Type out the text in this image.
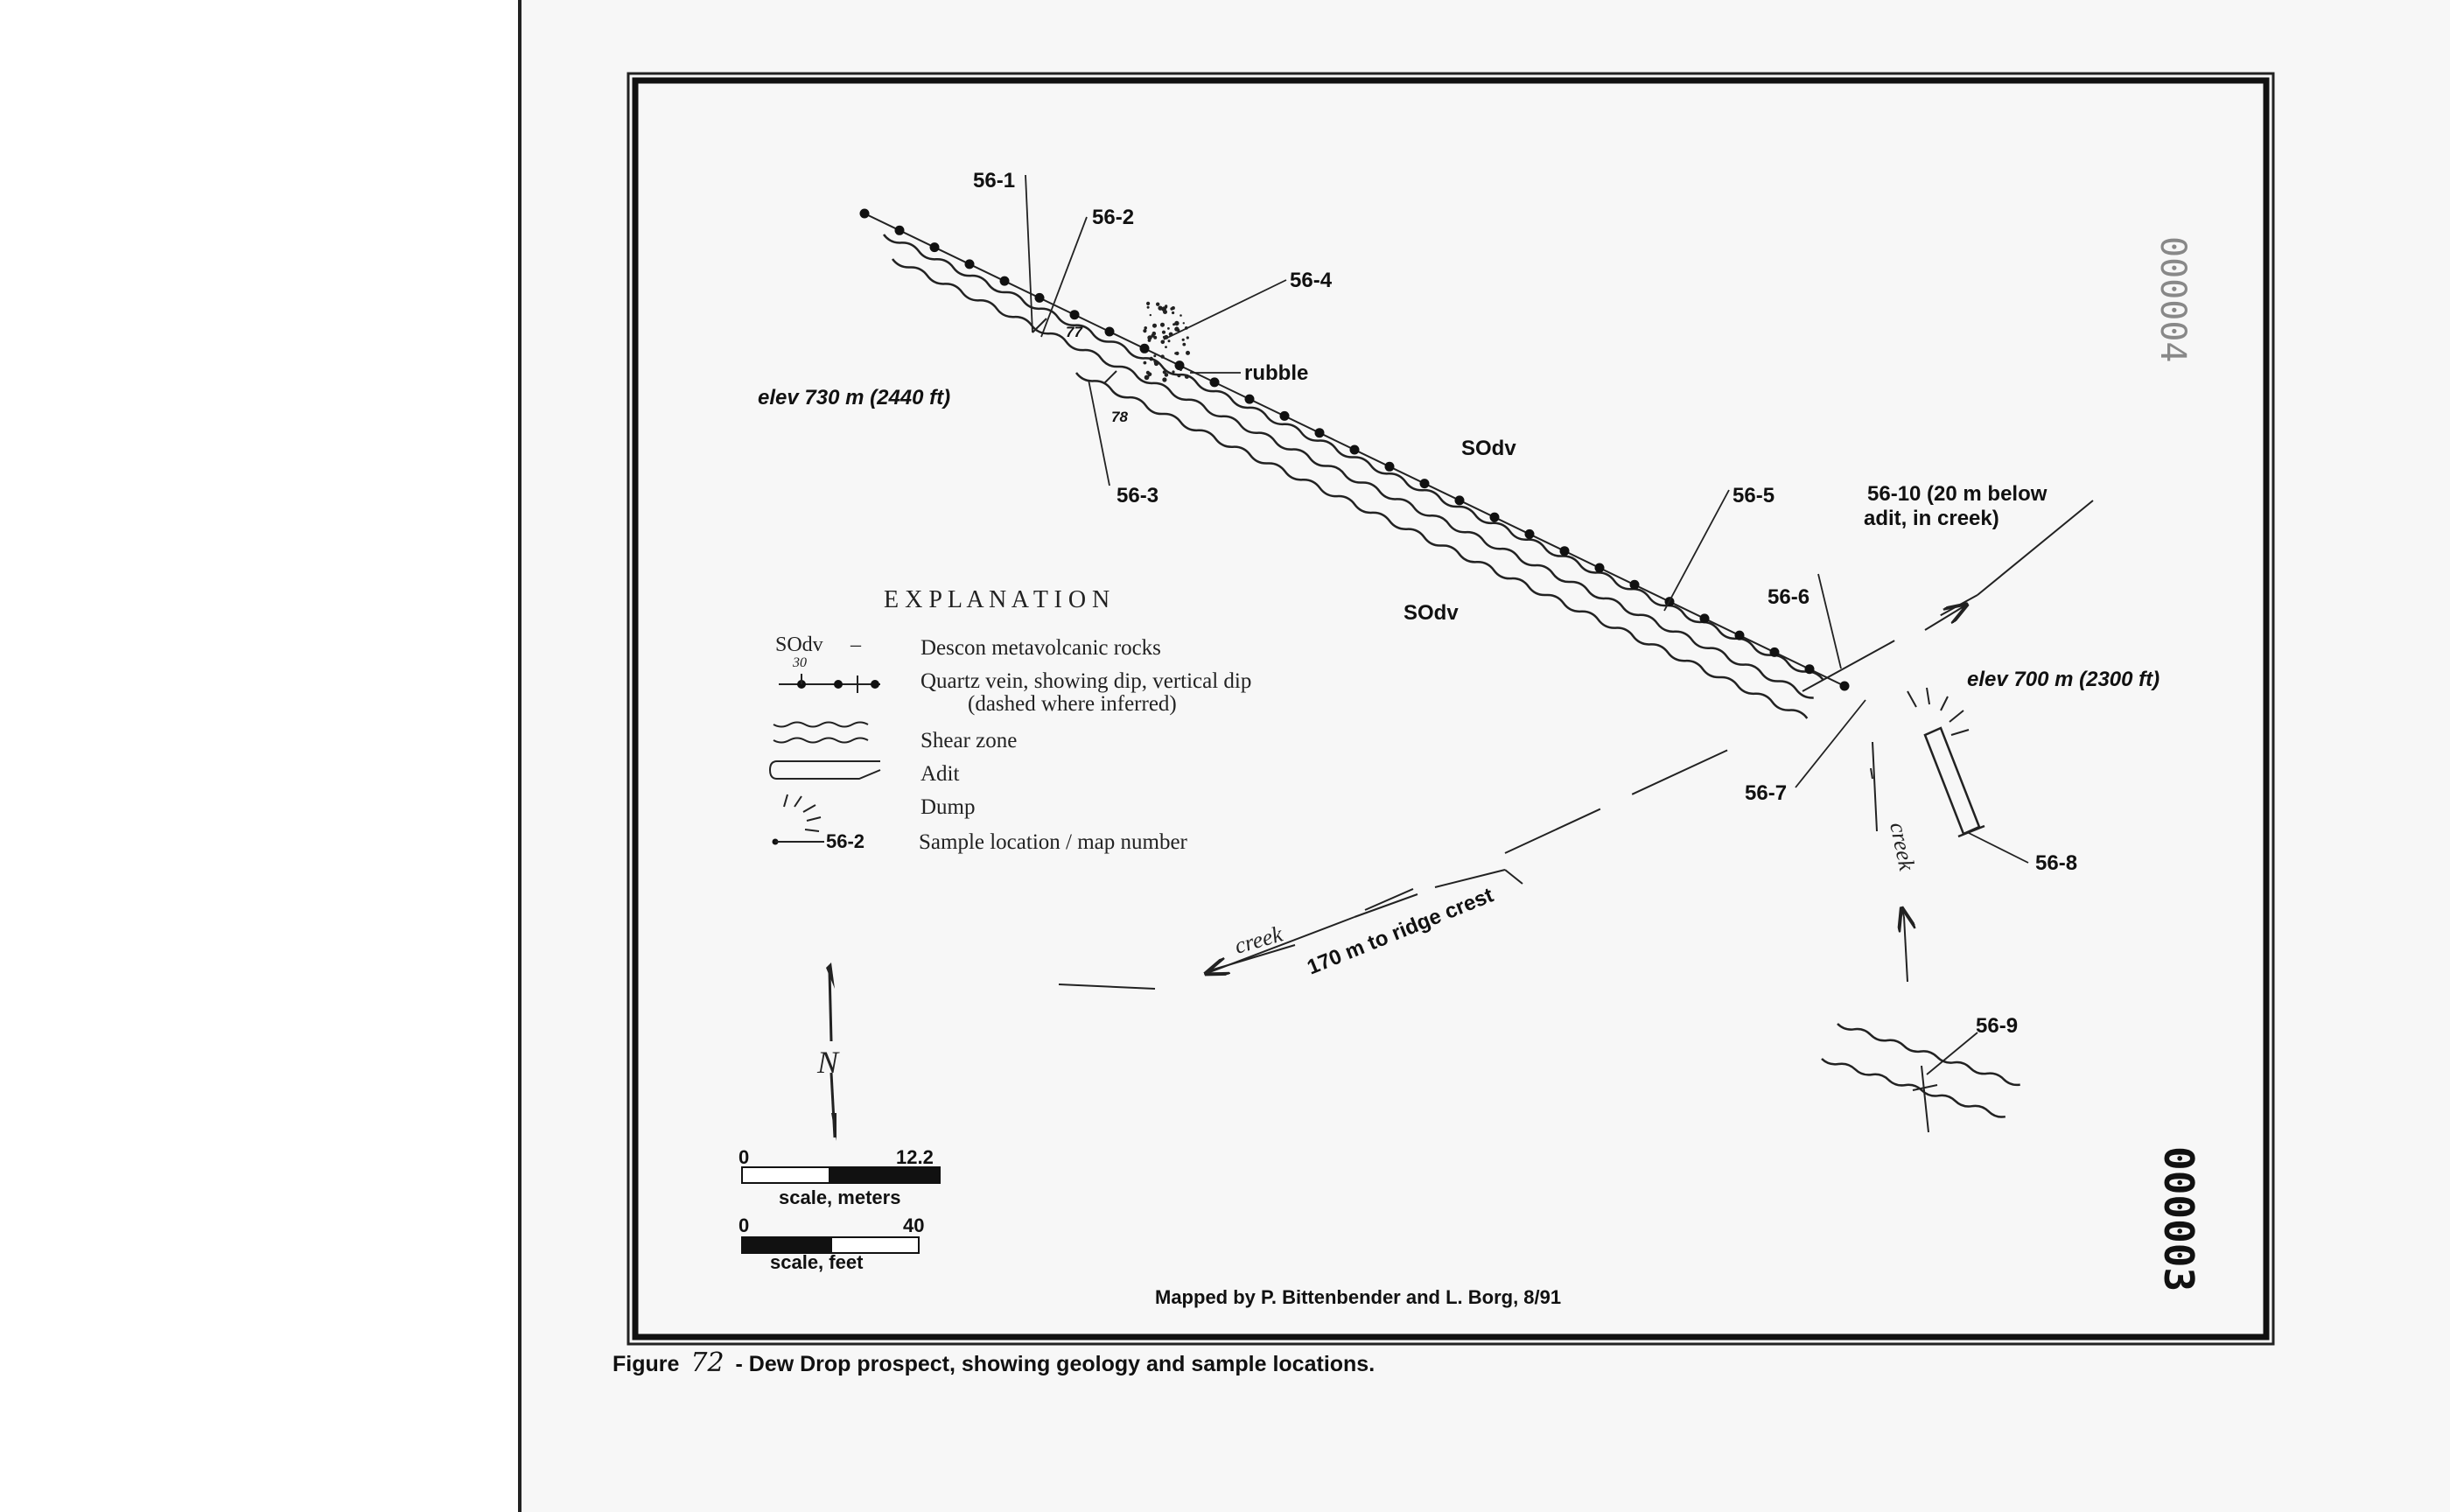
77
78
56-1
56-2
56-3
56-4
rubble
elev 730 m (2440 ft)
SOdv
SOdv
56-5	56-10 (20 m below
adit, in creek)
56-6
elev 700 m (2300 ft)
56-7
56-8
56-9
creek
creek 170 m to ridge crest
Mapped by P. Bittenbender and L. Borg, 8/91
N
0	12.2
scale, meters
0	40
scale, feet
E X P L A N A T I O N
SOdv –	Descon metavolcanic rocks
30
Quartz vein, showing dip, vertical dip
(dashed where inferred)
Shear zone
Adit
Dump
56-2 Sample location / map number
000004
000003
Figure 72 - Dew Drop prospect, showing geology and sample locations.
